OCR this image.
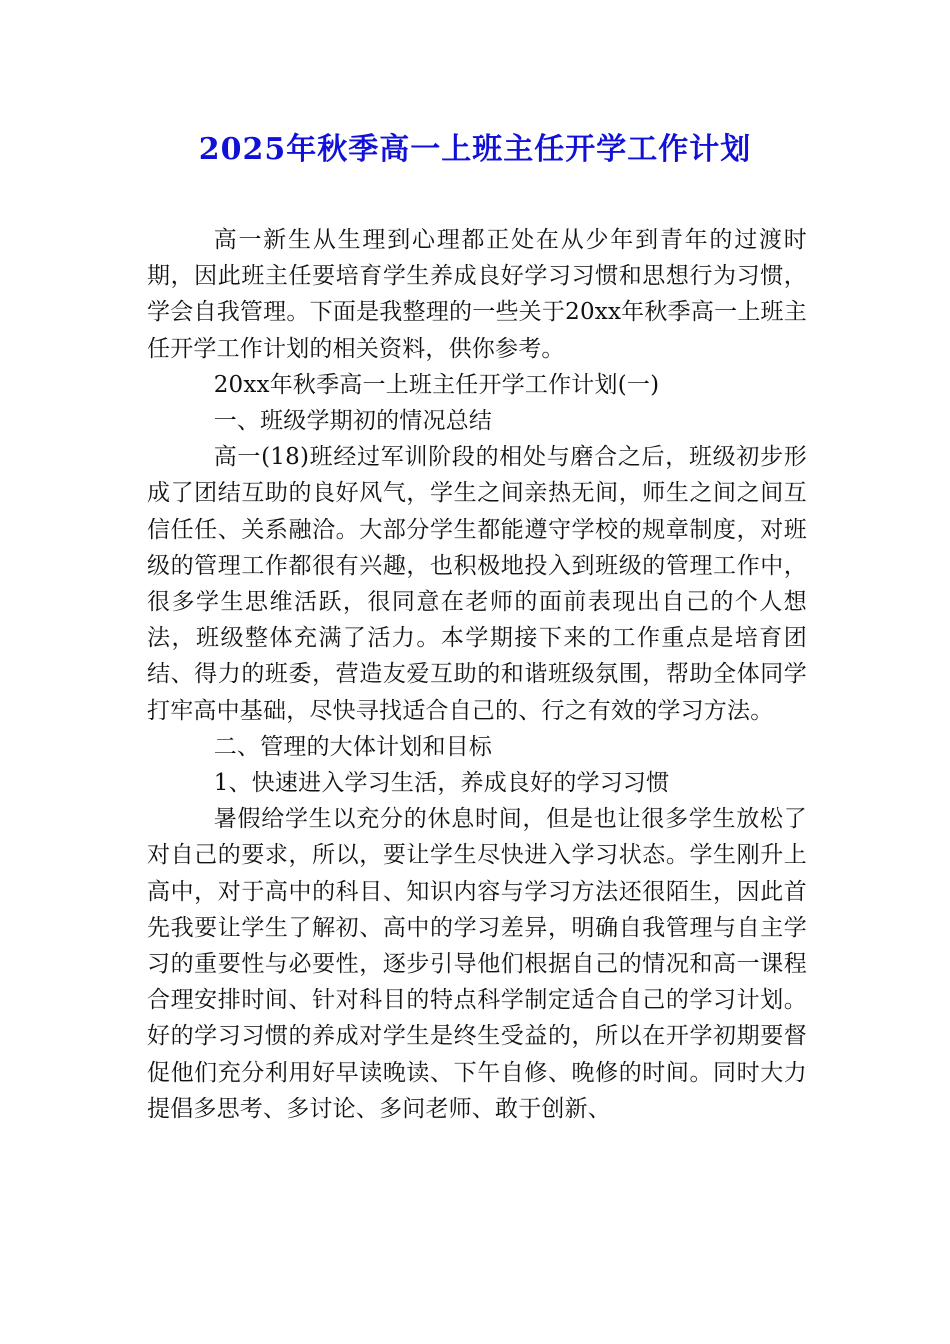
2025年秋季高一上班主任开学工作计划

高一新生从生理到心理都正处在从少年到青年的过渡时期，因此班主任要培育学生养成良好学习习惯和思想行为习惯，学会自我管理。下面是我整理的一些关于20xx年秋季高一上班主任开学工作计划的相关资料，供你参考。

20xx年秋季高一上班主任开学工作计划(一)

一、班级学期初的情况总结

高一(18)班经过军训阶段的相处与磨合之后，班级初步形成了团结互助的良好风气，学生之间亲热无间，师生之间之间互信任任、关系融洽。大部分学生都能遵守学校的规章制度，对班级的管理工作都很有兴趣，也积极地投入到班级的管理工作中， 很多学生思维活跃，很同意在老师的面前表现出自己的个人想法，班级整体充满了活力。本学期接下来的工作重点是培育团结、得力的班委，营造友爱互助的和谐班级氛围，帮助全体同学打牢高中基础，尽快寻找适合自己的、行之有效的学习方法。

二、管理的大体计划和目标

1、快速进入学习生活，养成良好的学习习惯

暑假给学生以充分的休息时间，但是也让很多学生放松了对自己的要求，所以，要让学生尽快进入学习状态。学生刚升上高中，对于高中的科目、知识内容与学习方法还很陌生，因此首先我要让学生了解初、高中的学习差异，明确自我管理与自主学习的重要性与必要性，逐步引导他们根据自己的情况和高一课程合理安排时间、针对科目的特点科学制定适合自己的学习计划。好的学习习惯的养成对学生是终生受益的，所以在开学初期要督促他们充分利用好早读晚读、下午自修、晚修的时间。同时大力提倡多思考、多讨论、多问老师、敢于创新、
